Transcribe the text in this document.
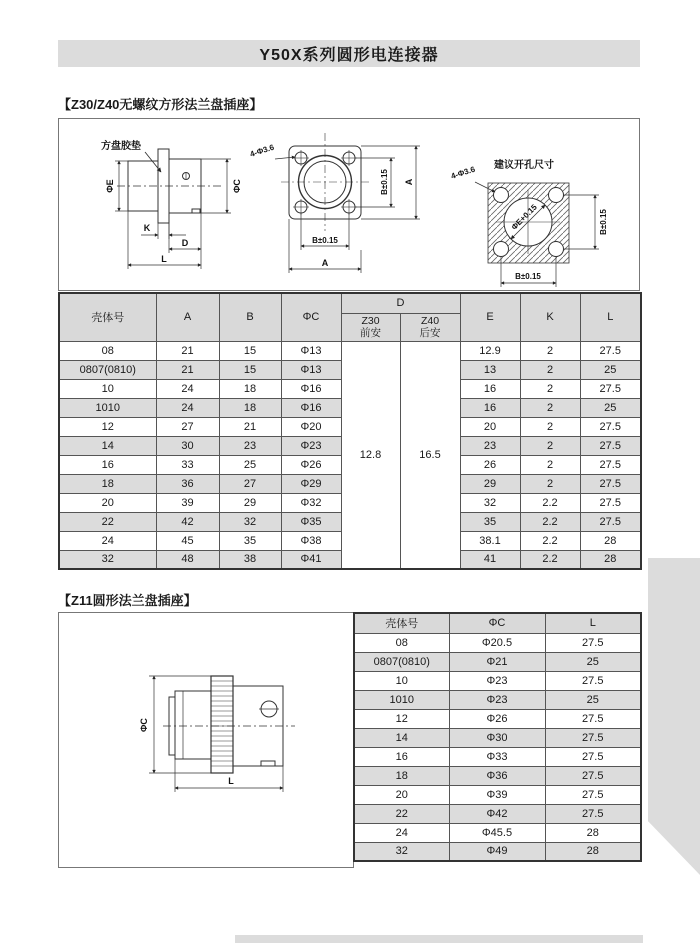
Y50X系列圆形电连接器
【Z30/Z40无螺纹方形法兰盘插座】
方盘胶垫
ΦE	ΦC
K
D
L
4-Φ3.6
B±0.15 A
B±0.15
A
建议开孔尺寸
ΦE+0.15
4-Φ3.6
B±0.15
B±0.15
壳体号	A	B	ΦC	D		E	K	L

Z30
前安

Z40
后安

08	21	15	Φ13	12.8	16.5	12.9	2	27.5
0807(0810)	21	15	Φ13			13	2	25
10	24	18	Φ16			16	2	27.5
1010	24	18	Φ16			16	2	25
12	27	21	Φ20			20	2	27.5
14	30	23	Φ23			23	2	27.5
16	33	25	Φ26			26	2	27.5
18	36	27	Φ29			29	2	27.5
20	39	29	Φ32			32	2.2	27.5
22	42	32	Φ35			35	2.2	27.5
24	45	35	Φ38			38.1	2.2	28
32	48	38	Φ41			41	2.2	28
【Z11圆形法兰盘插座】
ΦC
L
壳体号	ΦC	L
08	Φ20.5	27.5
0807(0810)	Φ21	25
10	Φ23	27.5
1010	Φ23	25
12	Φ26	27.5
14	Φ30	27.5
16	Φ33	27.5
18	Φ36	27.5
20	Φ39	27.5
22	Φ42	27.5
24	Φ45.5	28
32	Φ49	28
